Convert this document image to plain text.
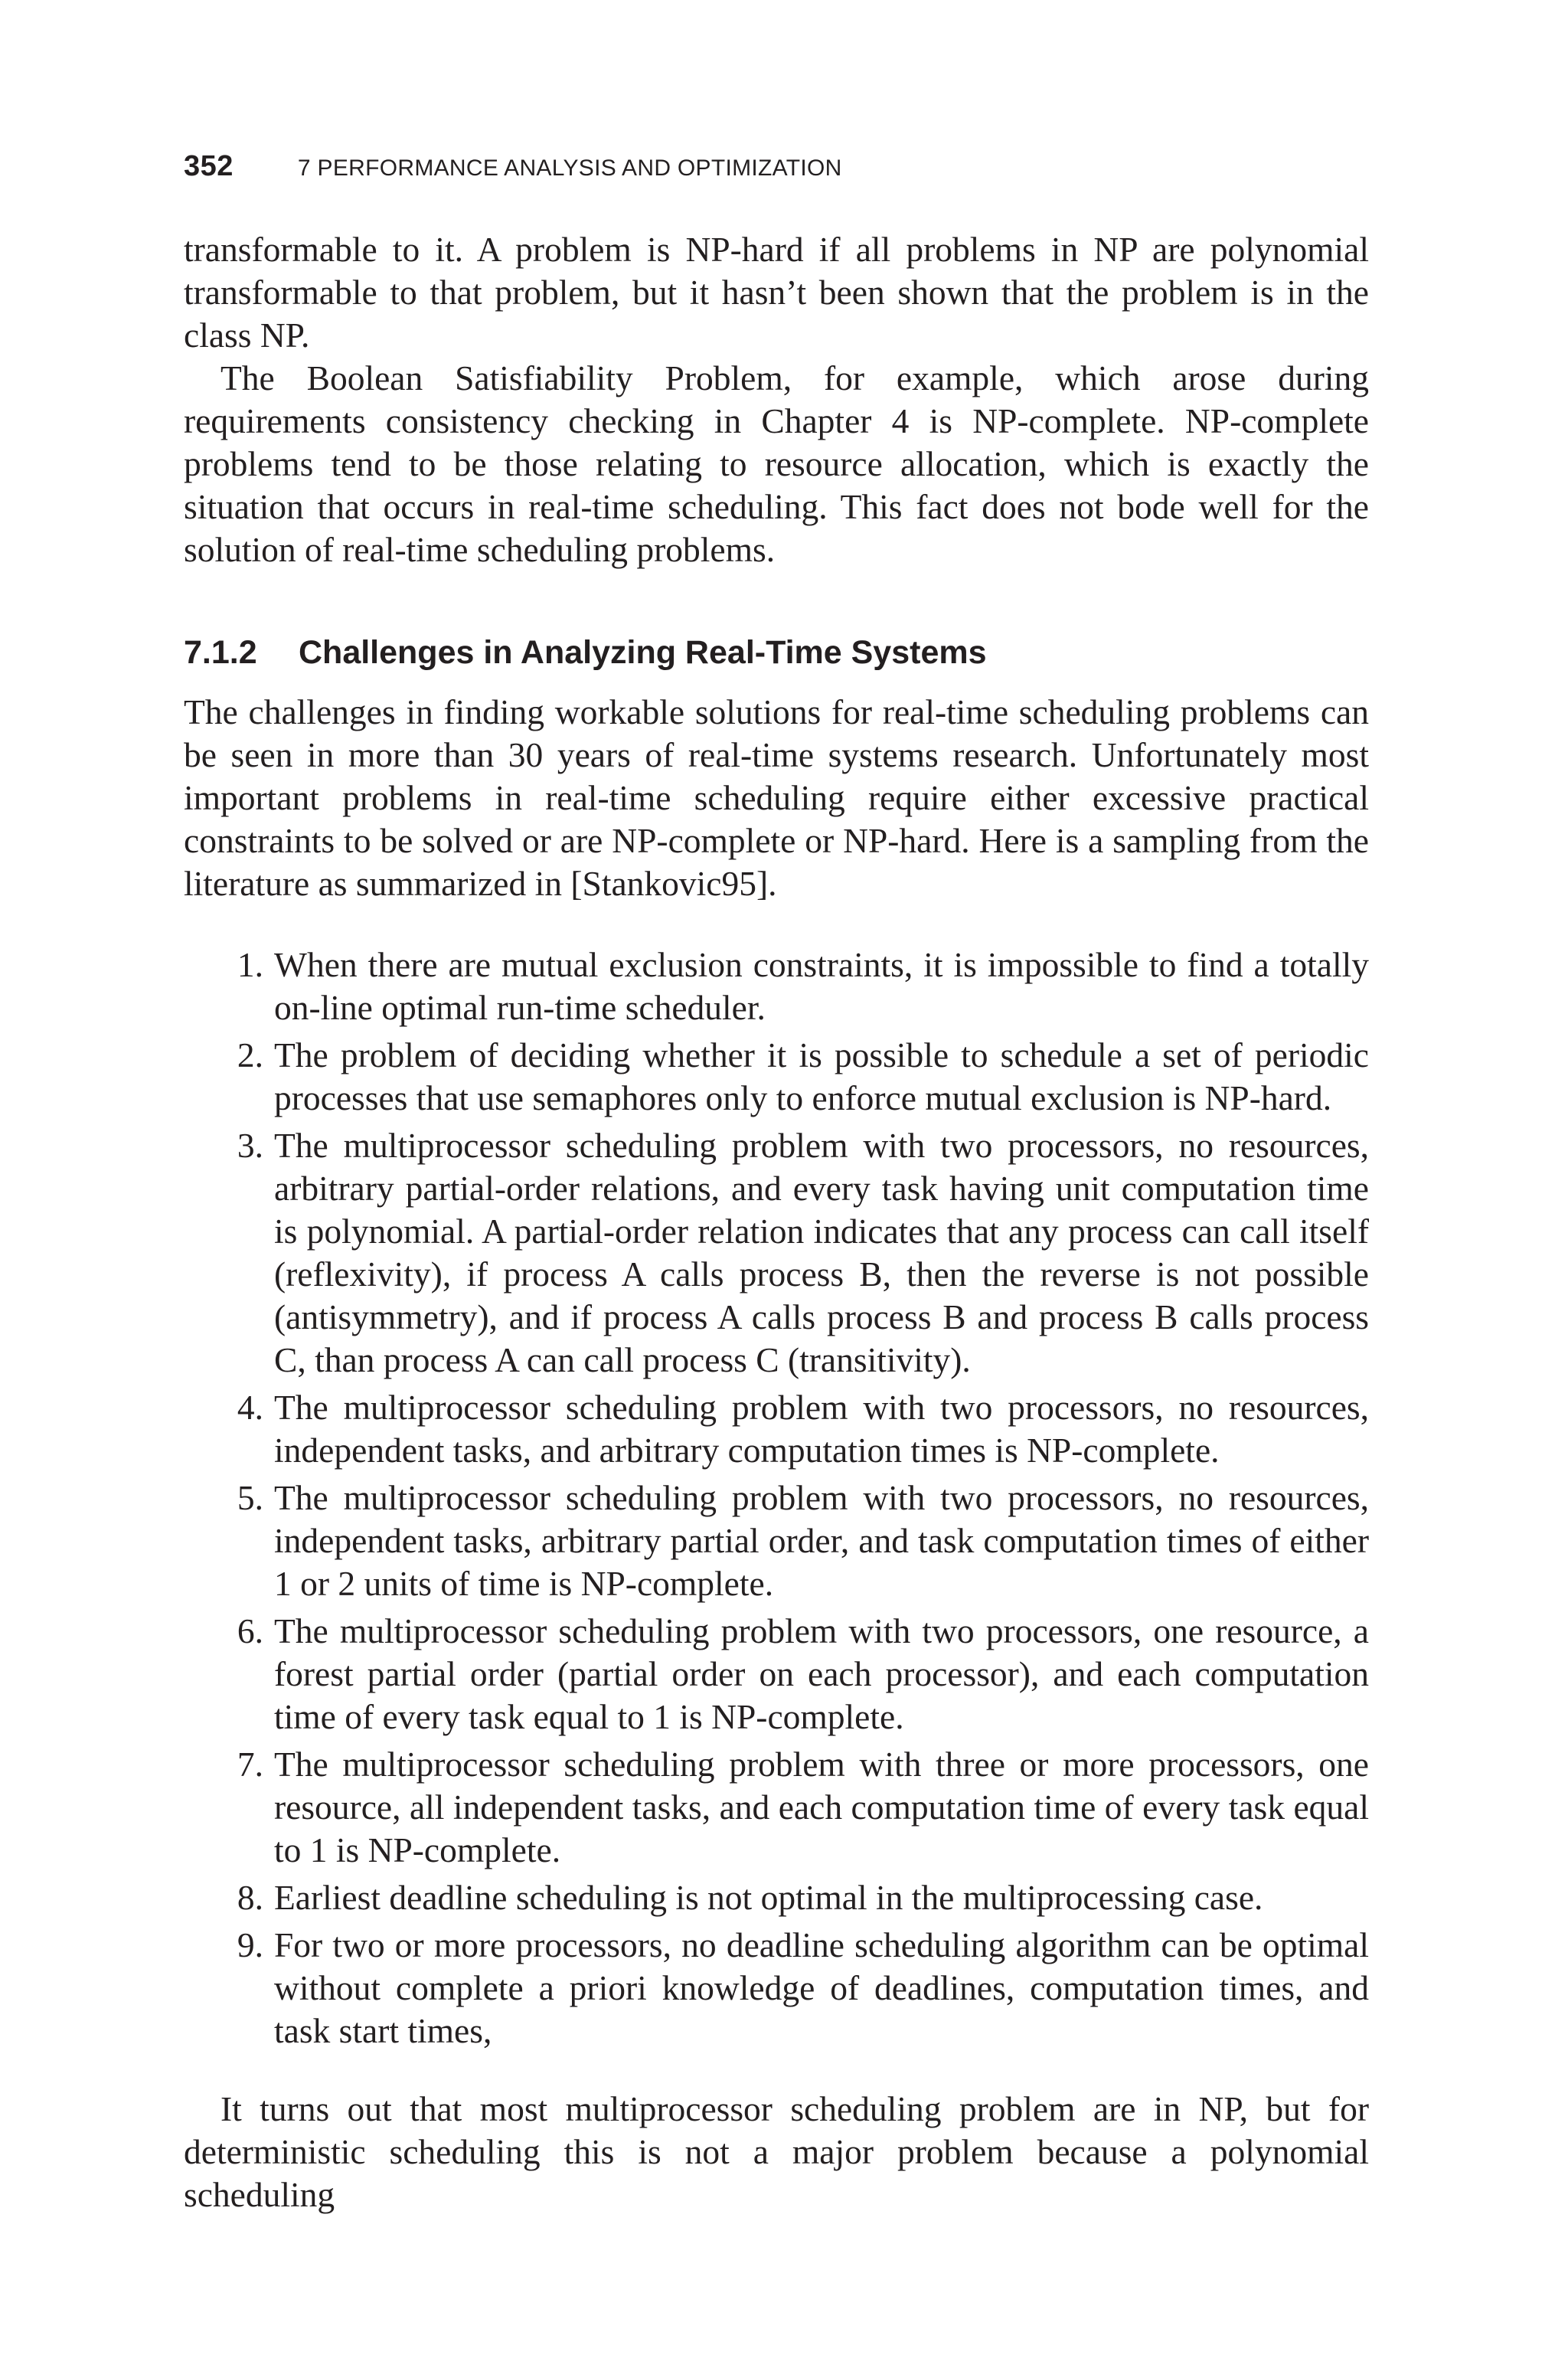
352	7 PERFORMANCE ANALYSIS AND OPTIMIZATION

transformable to it. A problem is NP-hard if all problems in NP are polynomial transformable to that problem, but it hasn’t been shown that the problem is in the class NP.

The Boolean Satisfiability Problem, for example, which arose during requirements consistency checking in Chapter 4 is NP-complete. NP-complete problems tend to be those relating to resource allocation, which is exactly the situation that occurs in real-time scheduling. This fact does not bode well for the solution of real-time scheduling problems.

7.1.2	Challenges in Analyzing Real-Time Systems

The challenges in finding workable solutions for real-time scheduling problems can be seen in more than 30 years of real-time systems research. Unfortunately most important problems in real-time scheduling require either excessive practical constraints to be solved or are NP-complete or NP-hard. Here is a sampling from the literature as summarized in [Stankovic95].

1. When there are mutual exclusion constraints, it is impossible to find a totally on-line optimal run-time scheduler.
2. The problem of deciding whether it is possible to schedule a set of periodic processes that use semaphores only to enforce mutual exclusion is NP-hard.
3. The multiprocessor scheduling problem with two processors, no resources, arbitrary partial-order relations, and every task having unit computation time is polynomial. A partial-order relation indicates that any process can call itself (reflexivity), if process A calls process B, then the reverse is not possible (antisymmetry), and if process A calls process B and process B calls process C, than process A can call process C (transitivity).
4. The multiprocessor scheduling problem with two processors, no resources, independent tasks, and arbitrary computation times is NP-complete.
5. The multiprocessor scheduling problem with two processors, no resources, independent tasks, arbitrary partial order, and task computation times of either 1 or 2 units of time is NP-complete.
6. The multiprocessor scheduling problem with two processors, one resource, a forest partial order (partial order on each processor), and each computation time of every task equal to 1 is NP-complete.
7. The multiprocessor scheduling problem with three or more processors, one resource, all independent tasks, and each computation time of every task equal to 1 is NP-complete.
8. Earliest deadline scheduling is not optimal in the multiprocessing case.
9. For two or more processors, no deadline scheduling algorithm can be optimal without complete a priori knowledge of deadlines, computation times, and task start times,

It turns out that most multiprocessor scheduling problem are in NP, but for deterministic scheduling this is not a major problem because a polynomial scheduling
